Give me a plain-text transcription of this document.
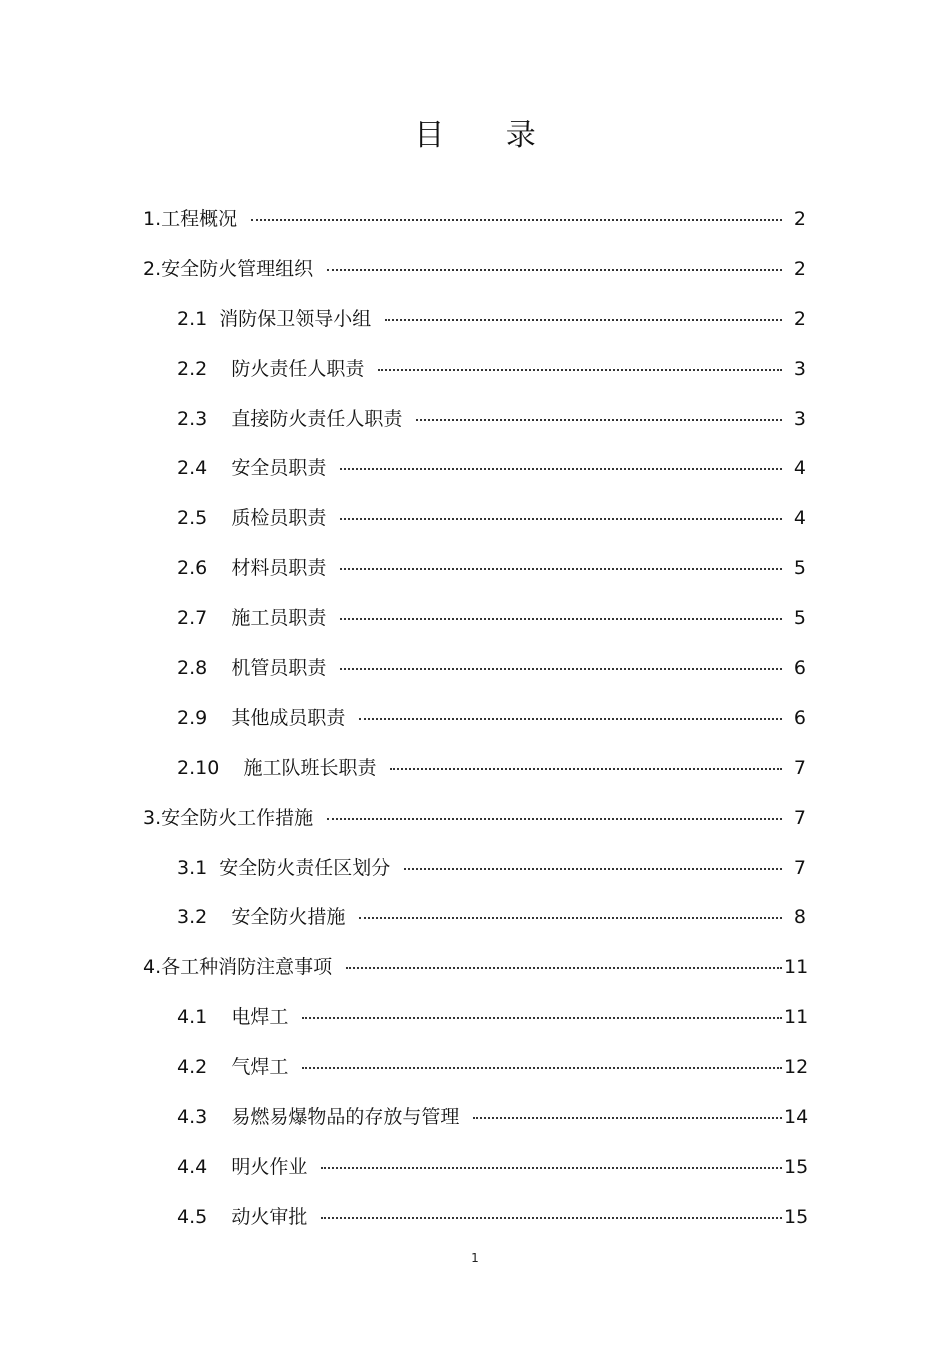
目 录
1.工程概况	2
2.安全防火管理组织	2
2.1  消防保卫领导小组	2
2.2    防火责任人职责	3
2.3    直接防火责任人职责	3
2.4    安全员职责	4
2.5    质检员职责	4
2.6    材料员职责	5
2.7    施工员职责	5
2.8    机管员职责	6
2.9    其他成员职责	6
2.10    施工队班长职责	7
3.安全防火工作措施	7
3.1  安全防火责任区划分	7
3.2    安全防火措施	8
4.各工种消防注意事项	11
4.1    电焊工	11
4.2    气焊工	12
4.3    易燃易爆物品的存放与管理	14
4.4    明火作业	15
4.5    动火审批	15
1
